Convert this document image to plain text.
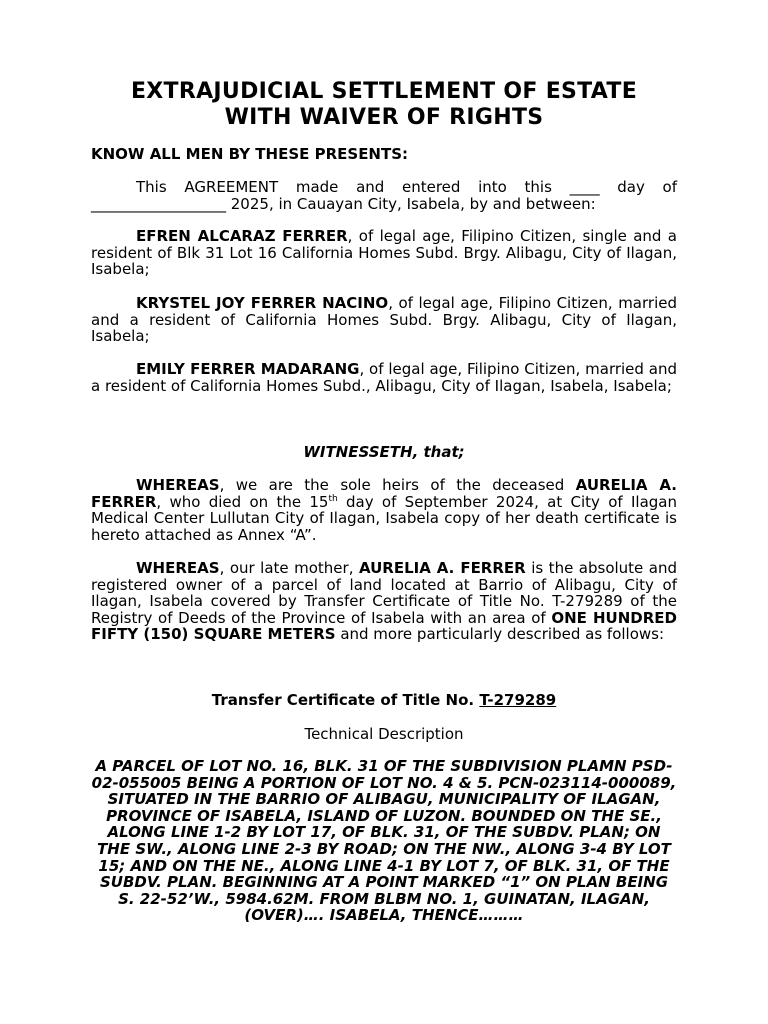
EXTRAJUDICIAL SETTLEMENT OF ESTATE
WITH WAIVER OF RIGHTS

KNOW ALL MEN BY THESE PRESENTS:

This AGREEMENT made and entered into this ____ day of __________________ 2025, in Cauayan City, Isabela, by and between:

EFREN ALCARAZ FERRER, of legal age, Filipino Citizen, single and a resident of Blk 31 Lot 16 California Homes Subd. Brgy. Alibagu, City of Ilagan, Isabela;

KRYSTEL JOY FERRER NACINO, of legal age, Filipino Citizen, married and a resident of California Homes Subd. Brgy. Alibagu, City of Ilagan, Isabela;

EMILY FERRER MADARANG, of legal age, Filipino Citizen, married and a resident of California Homes Subd., Alibagu, City of Ilagan, Isabela, Isabela;

WITNESSETH, that;

WHEREAS, we are the sole heirs of the deceased AURELIA A. FERRER, who died on the 15th day of September 2024, at City of Ilagan Medical Center Lullutan City of Ilagan, Isabela copy of her death certificate is hereto attached as Annex “A”.

WHEREAS, our late mother, AURELIA A. FERRER is the absolute and registered owner of a parcel of land located at Barrio of Alibagu, City of Ilagan, Isabela covered by Transfer Certificate of Title No. T-279289 of the Registry of Deeds of the Province of Isabela with an area of ONE HUNDRED FIFTY (150) SQUARE METERS and more particularly described as follows:

Transfer Certificate of Title No. T-279289

Technical Description

A PARCEL OF LOT NO. 16, BLK. 31 OF THE SUBDIVISION PLAMN PSD-02-055005 BEING A PORTION OF LOT NO. 4 & 5. PCN-023114-000089, SITUATED IN THE BARRIO OF ALIBAGU, MUNICIPALITY OF ILAGAN, PROVINCE OF ISABELA, ISLAND OF LUZON. BOUNDED ON THE SE., ALONG LINE 1-2 BY LOT 17, OF BLK. 31, OF THE SUBDV. PLAN; ON THE SW., ALONG LINE 2-3 BY ROAD; ON THE NW., ALONG 3-4 BY LOT 15; AND ON THE NE., ALONG LINE 4-1 BY LOT 7, OF BLK. 31, OF THE SUBDV. PLAN. BEGINNING AT A POINT MARKED “1” ON PLAN BEING S. 22-52’W., 5984.62M. FROM BLBM NO. 1, GUINATAN, ILAGAN, (OVER)…. ISABELA, THENCE………
